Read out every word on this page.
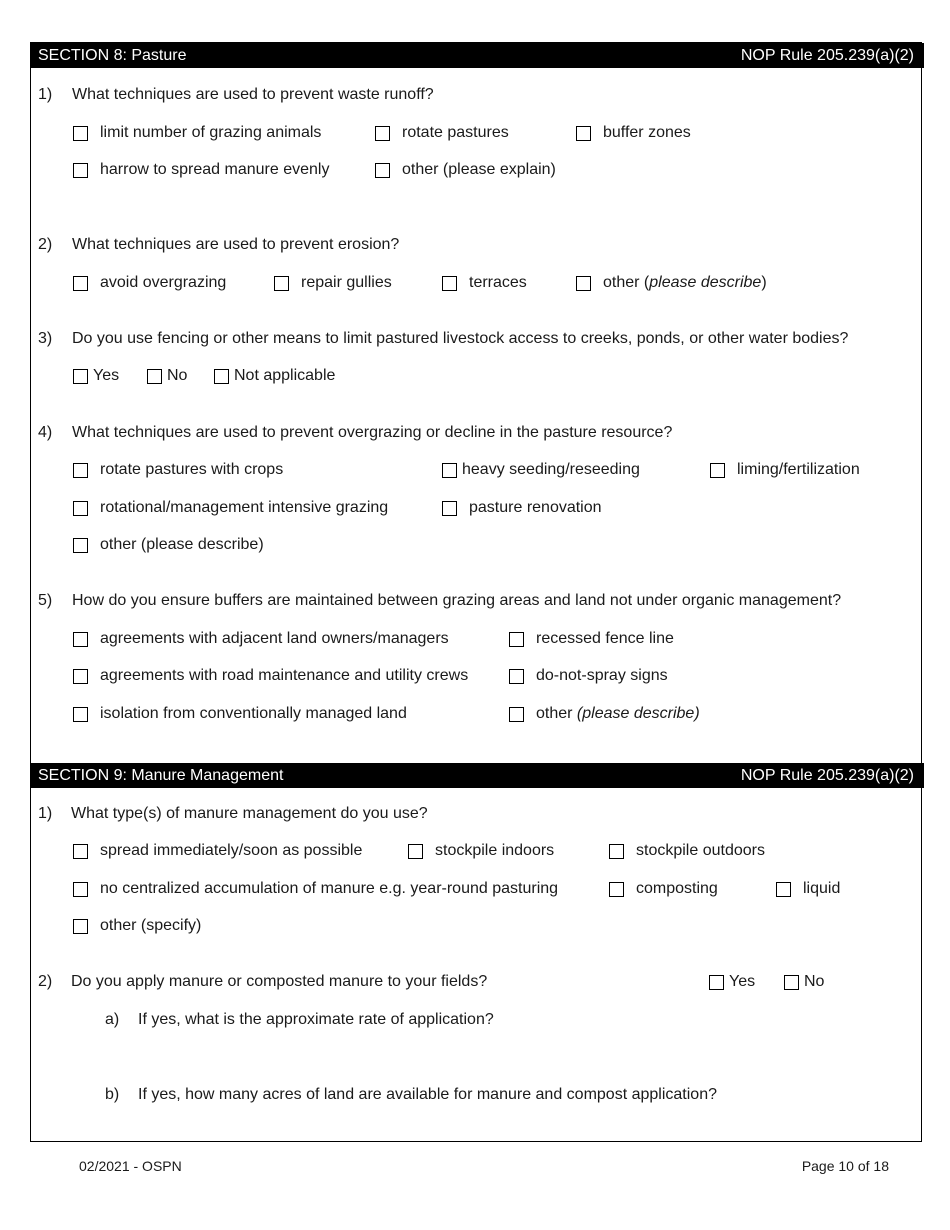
SECTION 8: Pasture	NOP Rule 205.239(a)(2)
1) What techniques are used to prevent waste runoff?
limit number of grazing animals	rotate pastures	buffer zones
harrow to spread manure evenly	other (please explain)
2) What techniques are used to prevent erosion?
avoid overgrazing	repair gullies	terraces	other (please describe)
3) Do you use fencing or other means to limit pastured livestock access to creeks, ponds, or other water bodies?
Yes	No	Not applicable
4) What techniques are used to prevent overgrazing or decline in the pasture resource?
rotate pastures with crops	heavy seeding/reseeding	liming/fertilization
rotational/management intensive grazing	pasture renovation
other (please describe)
5) How do you ensure buffers are maintained between grazing areas and land not under organic management?
agreements with adjacent land owners/managers	recessed fence line
agreements with road maintenance and utility crews	do-not-spray signs
isolation from conventionally managed land	other (please describe)
SECTION 9: Manure Management	NOP Rule 205.239(a)(2)
1) What type(s) of manure management do you use?
spread immediately/soon as possible	stockpile indoors	stockpile outdoors
no centralized accumulation of manure e.g. year-round pasturing	composting	liquid
other (specify)
2) Do you apply manure or composted manure to your fields?	Yes	No
a) If yes, what is the approximate rate of application?
b) If yes, how many acres of land are available for manure and compost application?
02/2021 - OSPN	Page 10 of 18
